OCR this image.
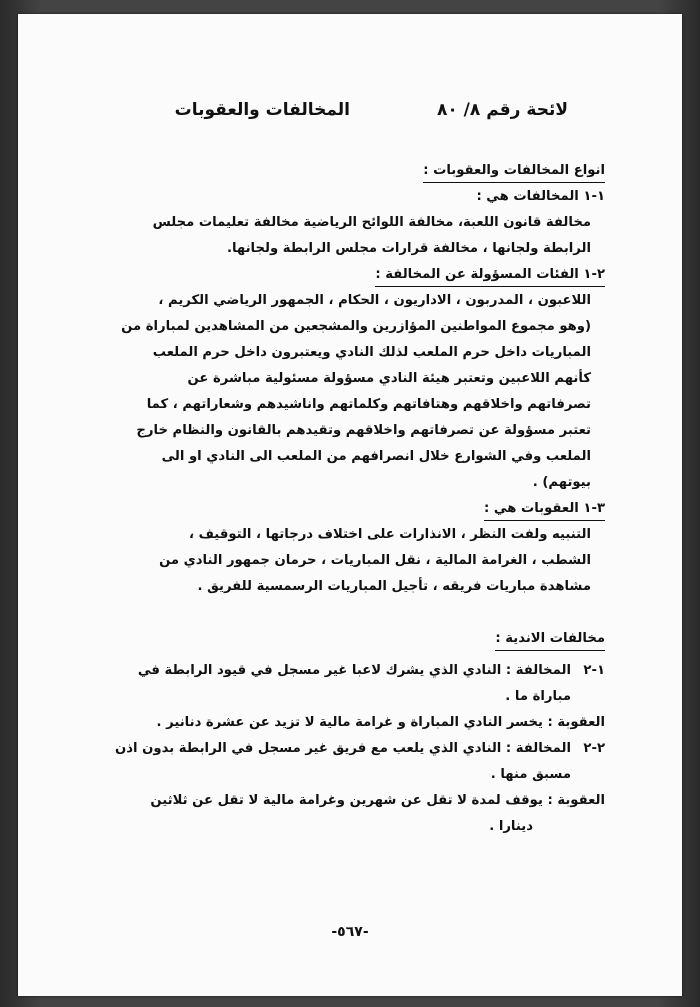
لائحة رقم ٨/ ٨٠
المخالفات والعقوبات
انواع المخالفات والعقوبات :
١-١ المخالفات هي :

مخالفة قانون اللعبة، مخالفة اللوائح الرياضية مخالفة تعليمات مجلس
الرابطة ولجانها ، مخالفة قرارات مجلس الرابطة ولجانها.

٢-١ الفئات المسؤولة عن المخالفة :

اللاعبون ، المدربون ، الاداريون ، الحكام ، الجمهور الرياضي الكريم ،
(وهو مجموع المواطنين المؤازرين والمشجعين من المشاهدين لمباراة من
المباريات داخل حرم الملعب لذلك النادي ويعتبرون داخل حرم الملعب
كأنهم اللاعبين وتعتبر هيئة النادي مسؤولة مسئولية مباشرة عن
تصرفاتهم واخلاقهم وهتافاتهم وكلماتهم واناشيدهم وشعاراتهم ، كما
تعتبر مسؤولة عن تصرفاتهم واخلاقهم وتقيدهم بالقانون والنظام خارج
الملعب وفي الشوارع خلال انصرافهم من الملعب الى النادي او الى
بيوتهم) .

٣-١ العقوبات هي :

التنبيه ولفت النظر ، الانذارات على اختلاف درجاتها ، التوقيف ،
الشطب ، الغرامة المالية ، نقل المباريات ، حرمان جمهور النادي من
مشاهدة مباريات فريقه ، تأجيل المباريات الرسمسية للفريق .

مخالفات الاندية :
١-٢
المخالفة : النادي الذي يشرك لاعبا غير مسجل في قيود الرابطة في
مباراة ما .
العقوبة : يخسر النادي المباراة و غرامة مالية لا تزيد عن عشرة دنانير .
٢-٢
المخالفة : النادي الذي يلعب مع فريق غير مسجل في الرابطة بدون اذن
مسبق منها .
العقوبة : يوقف لمدة لا تقل عن شهرين وغرامة مالية لا تقل عن ثلاثين
دينارا .
-٥٦٧-
